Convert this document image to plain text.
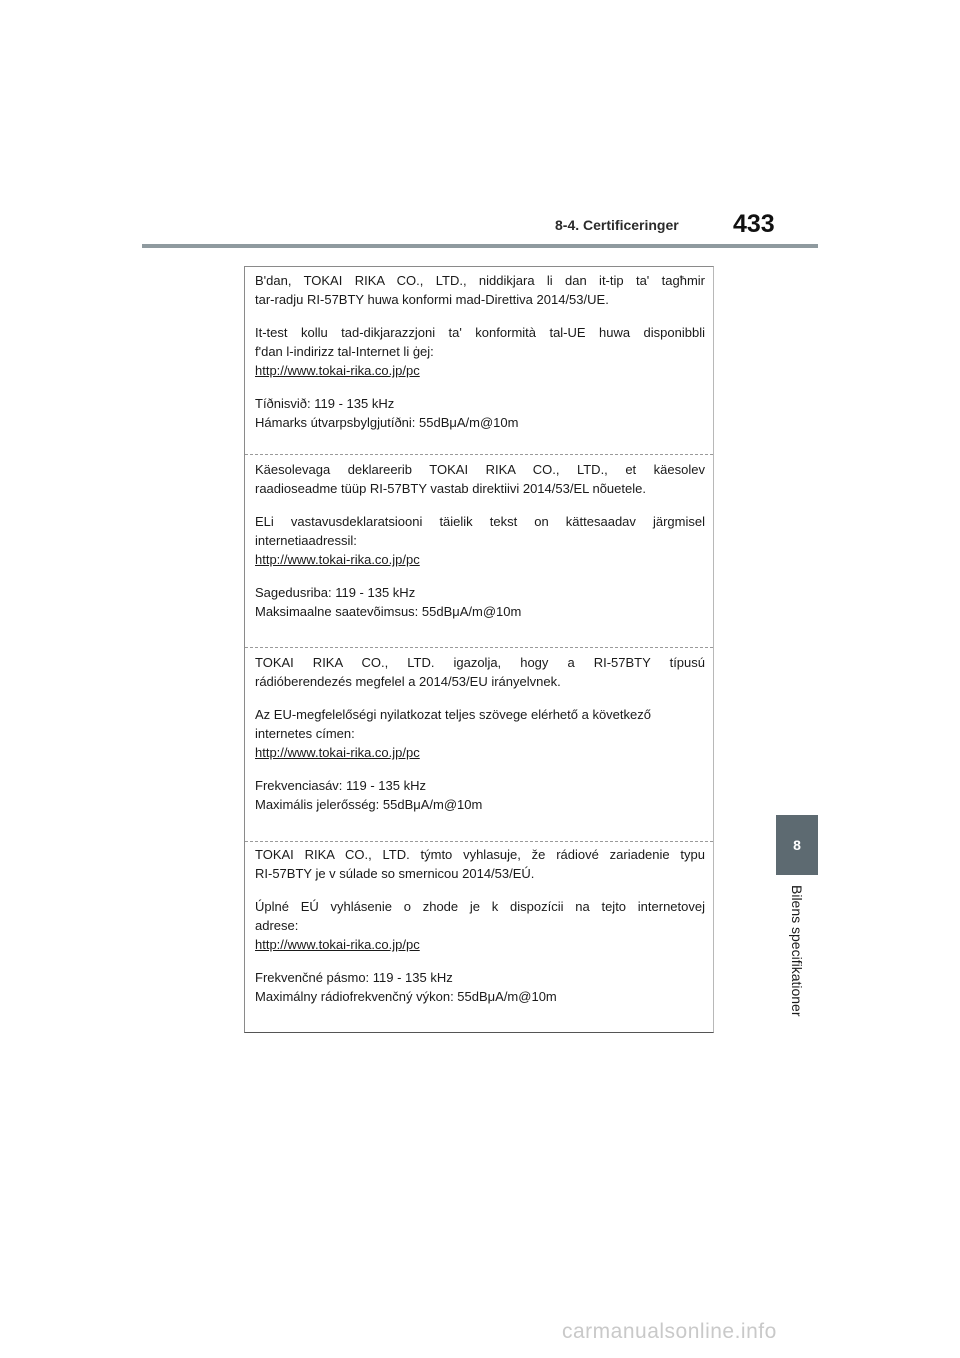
8-4. Certificeringer 433
8
Bilens specifikationer

B'dan, TOKAI RIKA CO., LTD., niddikjara li dan it-tip ta' tagħmir

tar-radju RI-57BTY huwa konformi mad-Direttiva 2014/53/UE.

It-test kollu tad-dikjarazzjoni ta' konformità tal-UE huwa disponibbli

f'dan l-indirizz tal-Internet li ġej:

http://www.tokai-rika.co.jp/pc

Tíðnisvið: 119 - 135 kHz

Hámarks útvarpsbylgjutíðni: 55dBμA/m@10m

Käesolevaga deklareerib TOKAI RIKA CO., LTD., et käesolev

raadioseadme tüüp RI-57BTY vastab direktiivi 2014/53/EL nõuetele.

ELi vastavusdeklaratsiooni täielik tekst on kättesaadav järgmisel

internetiaadressil:

http://www.tokai-rika.co.jp/pc

Sagedusriba: 119 - 135 kHz

Maksimaalne saatevõimsus: 55dBμA/m@10m

TOKAI RIKA CO., LTD. igazolja, hogy a RI-57BTY típusú

rádióberendezés megfelel a 2014/53/EU irányelvnek.

Az EU-megfelelőségi nyilatkozat teljes szövege elérhető a következő

internetes címen:

http://www.tokai-rika.co.jp/pc

Frekvenciasáv: 119 - 135 kHz

Maximális jelerősség: 55dBμA/m@10m

TOKAI RIKA CO., LTD. týmto vyhlasuje, že rádiové zariadenie typu

RI-57BTY je v súlade so smernicou 2014/53/EÚ.

Úplné EÚ vyhlásenie o zhode je k dispozícii na tejto internetovej

adrese:

http://www.tokai-rika.co.jp/pc

Frekvenčné pásmo: 119 - 135 kHz

Maximálny rádiofrekvenčný výkon: 55dBμA/m@10m

carmanualsonline.info
